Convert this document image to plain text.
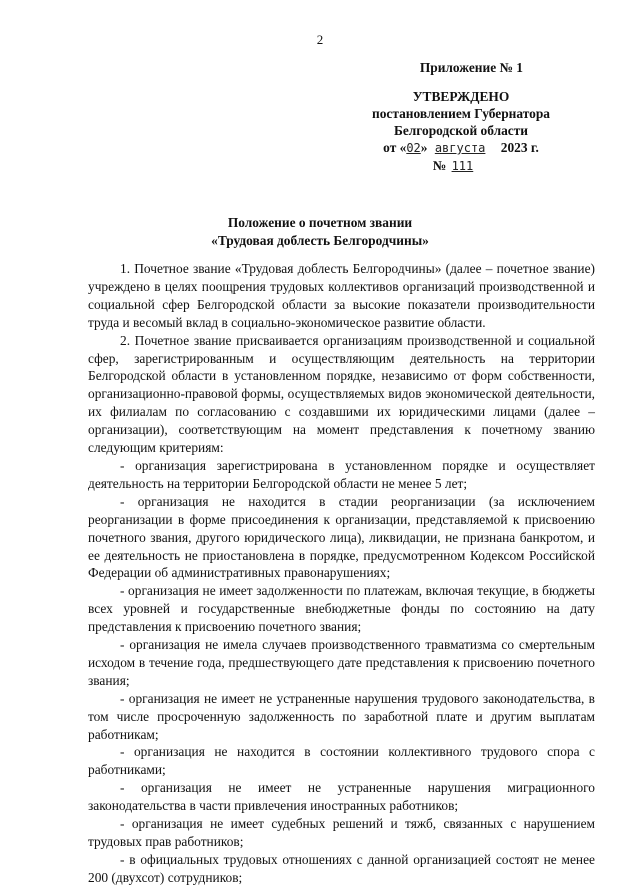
2
Приложение № 1
УТВЕРЖДЕНО
постановлением Губернатора
Белгородской области
от «02» августа 2023 г.
№ 111
Положение о почетном звании
«Трудовая доблесть Белгородчины»

1. Почетное звание «Трудовая доблесть Белгородчины» (далее – почетное звание) учреждено в целях поощрения трудовых коллективов организаций производственной и социальной сфер Белгородской области за высокие показатели производительности труда и весомый вклад в социально-экономическое развитие области.

2. Почетное звание присваивается организациям производственной и социальной сфер, зарегистрированным и осуществляющим деятельность на территории Белгородской области в установленном порядке, независимо от форм собственности, организационно-правовой формы, осуществляемых видов экономической деятельности, их филиалам по согласованию с создавшими их юридическими лицами (далее – организации), соответствующим на момент представления к почетному званию следующим критериям:

- организация зарегистрирована в установленном порядке и осуществляет деятельность на территории Белгородской области не менее 5 лет;

- организация не находится в стадии реорганизации (за исключением реорганизации в форме присоединения к организации, представляемой к присвоению почетного звания, другого юридического лица), ликвидации, не признана банкротом, и ее деятельность не приостановлена в порядке, предусмотренном Кодексом Российской Федерации об административных правонарушениях;

- организация не имеет задолженности по платежам, включая текущие, в бюджеты всех уровней и государственные внебюджетные фонды по состоянию на дату представления к присвоению почетного звания;

- организация не имела случаев производственного травматизма со смертельным исходом в течение года, предшествующего дате представления к присвоению почетного звания;

- организация не имеет не устраненные нарушения трудового законодательства, в том числе просроченную задолженность по заработной плате и другим выплатам работникам;

- организация не находится в состоянии коллективного трудового спора с работниками;

- организация не имеет не устраненные нарушения миграционного законодательства в части привлечения иностранных работников;

- организация не имеет судебных решений и тяжб, связанных с нарушением трудовых прав работников;

- в официальных трудовых отношениях с данной организацией состоят не менее 200 (двухсот) сотрудников;
